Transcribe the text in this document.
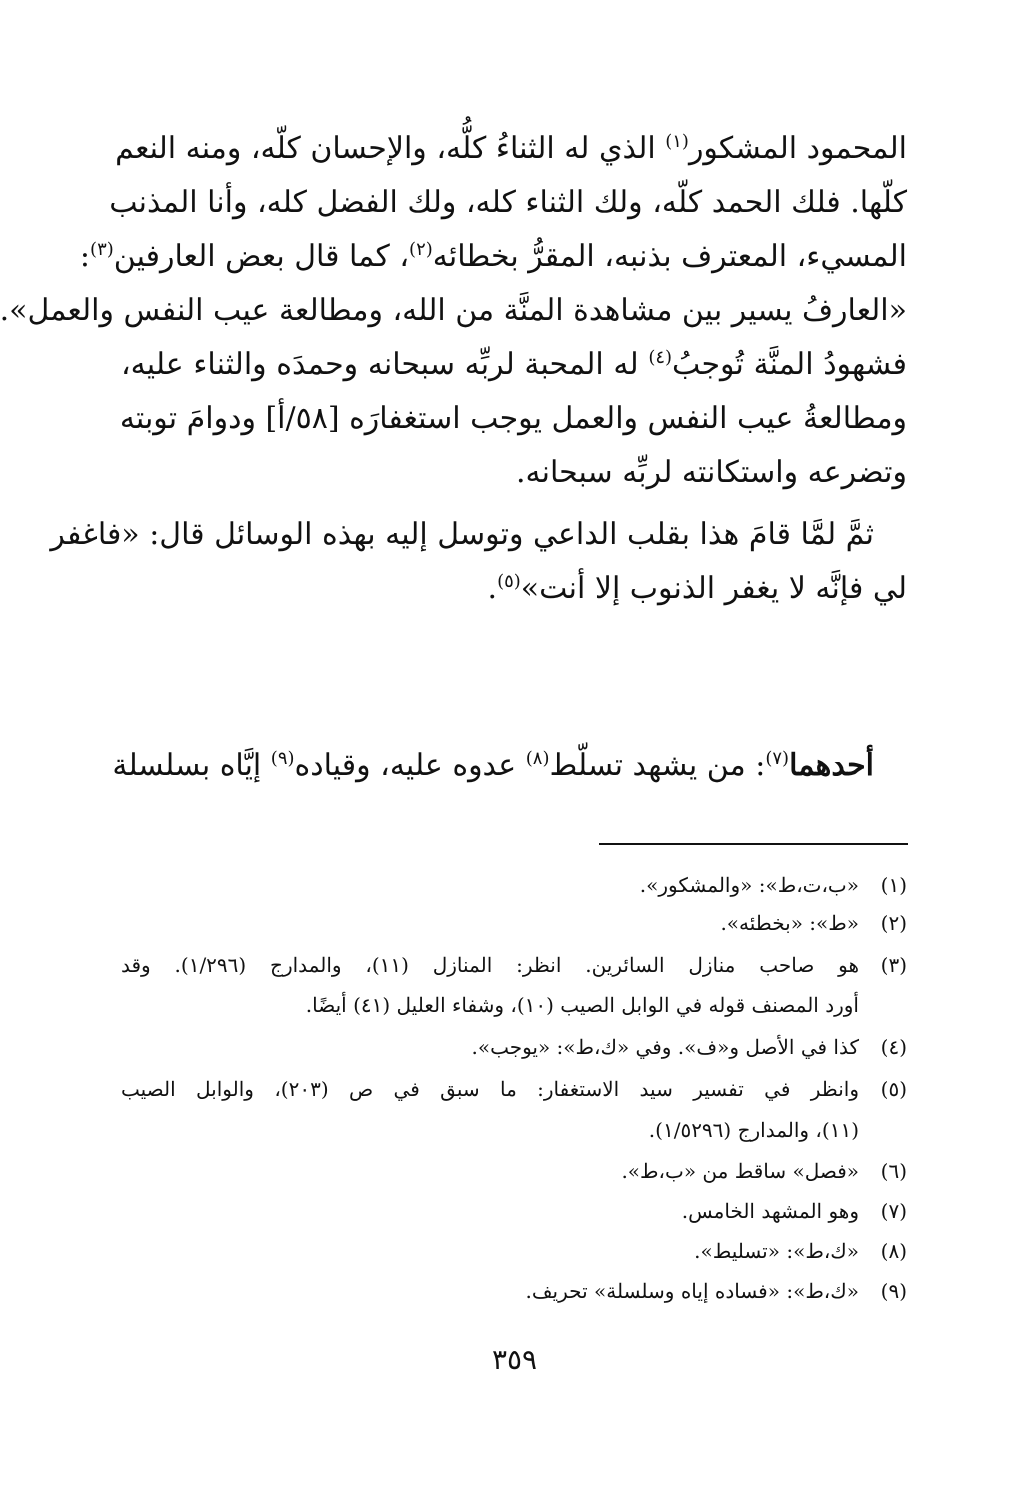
المحمود المشكور$^{(١)}$ الذي له الثناءُ كلُّه، والإحسان كلّه، ومنه النعم
كلّها. فلك الحمد كلّه، ولك الثناء كله، ولك الفضل كله، وأنا المذنب
المسيء، المعترف بذنبه، المقرُّ بخطائه$^{(٢)}$، كما قال بعض العارفين$^{(٣)}$:
«العارفُ يسير بين مشاهدة المنَّة من الله، ومطالعة عيب النفس والعمل».
فشهودُ المنَّة تُوجبُ$^{(٤)}$ له المحبة لربِّه سبحانه وحمدَه والثناء عليه،
ومطالعةُ عيب النفس والعمل يوجب استغفارَه [٥٨/أ] ودوامَ توبته
وتضرعه واستكانته لربِّه سبحانه.
ثمَّ لمَّا قامَ هذا بقلب الداعي وتوسل إليه بهذه الوسائل قال: «فاغفر
لي فإنَّه لا يغفر الذنوب إلا أنت»$^{(٥)}$.
أحدهما$^{(٧)}$: من يشهد تسلّط$^{(٨)}$ عدوه عليه، وقياده$^{(٩)}$ إيَّاه بسلسلة
(١)
«ب،ت،ط»: «والمشكور».
(٢)
«ط»: «بخطئه».
(٣)
هو صاحب منازل السائرين. انظر: المنازل (١١)، والمدارج (١/٢٩٦). وقد
أورد المصنف قوله في الوابل الصيب (١٠)، وشفاء العليل (٤١) أيضًا.
(٤)
كذا في الأصل و«ف». وفي «ك،ط»: «يوجب».
(٥)
وانظر في تفسير سيد الاستغفار: ما سبق في ص (٢٠٣)، والوابل الصيب
(١١)، والمدارج (١/٥٢٩٦).
(٦)
«فصل» ساقط من «ب،ط».
(٧)
وهو المشهد الخامس.
(٨)
«ك،ط»: «تسليط».
(٩)
«ك،ط»: «فساده إياه وسلسلة» تحريف.
٣٥٩
